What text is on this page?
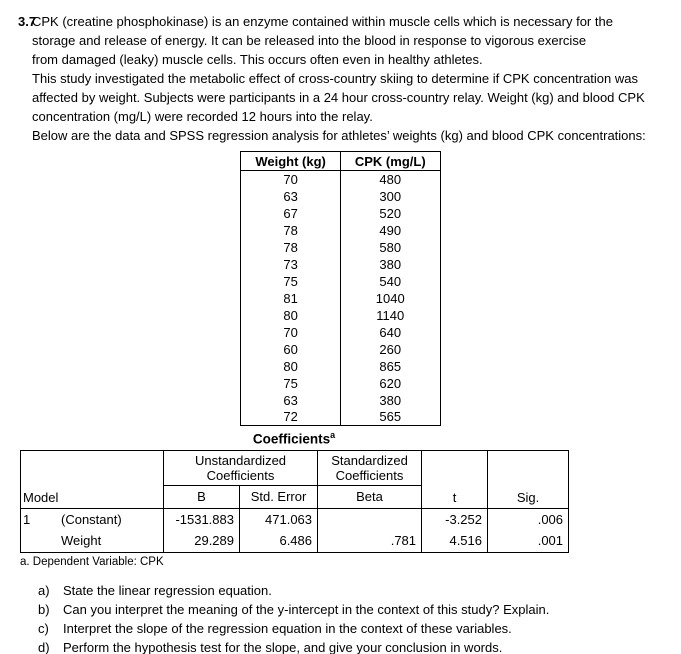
3.7
CPK (creatine phosphokinase) is an enzyme contained within muscle cells which is necessary for the
storage and release of energy. It can be released into the blood in response to vigorous exercise
from damaged (leaky) muscle cells. This occurs often even in healthy athletes.
This study investigated the metabolic effect of cross-country skiing to determine if CPK concentration was
affected by weight. Subjects were participants in a 24 hour cross-country relay. Weight (kg) and blood CPK
concentration (mg/L) were recorded 12 hours into the relay.
Below are the data and SPSS regression analysis for athletes’ weights (kg) and blood CPK concentrations:
Weight (kg)	CPK (mg/L)
70	480
63	300
67	520
78	490
78	580
73	380
75	540
81	1040
80	1140
70	640
60	260
80	865
75	620
63	380
72	565
Coefficients$^a$
Model	Unstandardized Coefficients		Standardized Coefficients	t	Sig.
	B	Std. Error	Beta		
1 (Constant)	-1531.883	471.063		-3.252	.006
Weight	29.289	6.486	.781	4.516	.001
a. Dependent Variable: CPK
a)	State the linear regression equation.
b)	Can you interpret the meaning of the y-intercept in the context of this study? Explain.
c)	Interpret the slope of the regression equation in the context of these variables.
d)	Perform the hypothesis test for the slope, and give your conclusion in words.
